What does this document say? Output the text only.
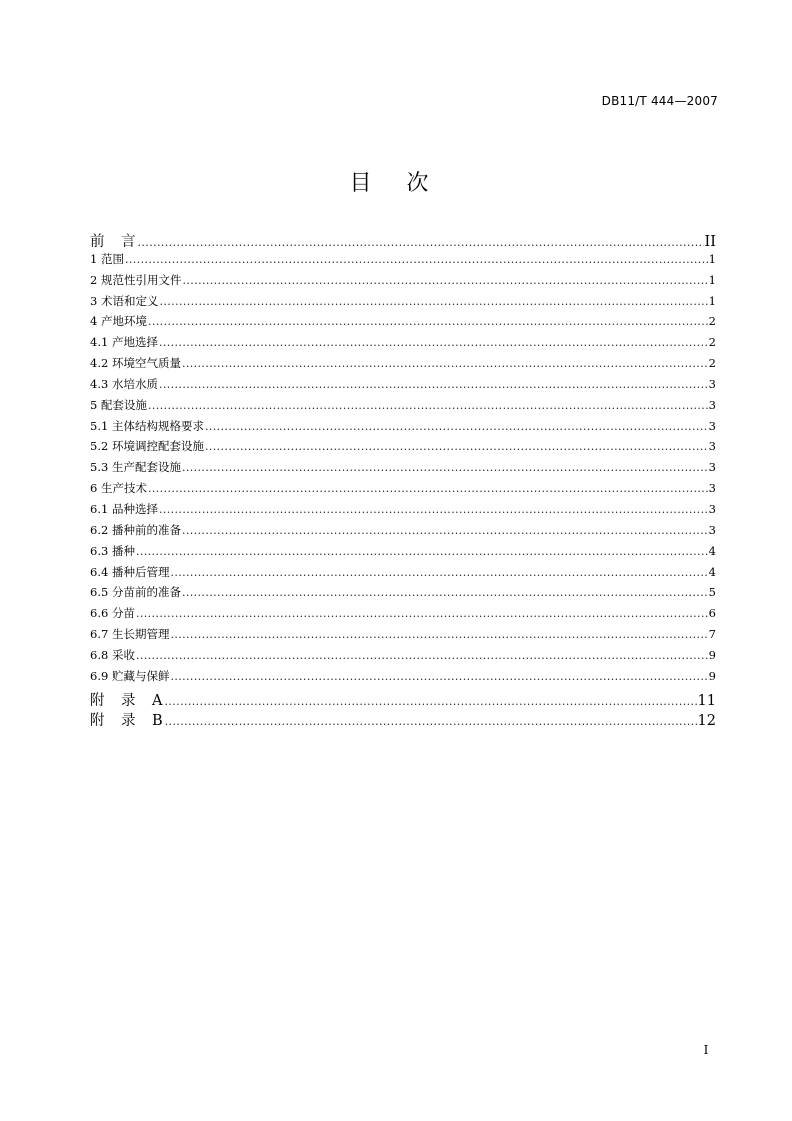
DB11/T 444—2007
目 次
前　言 .....	II
1 范围 .....	1
2 规范性引用文件 .....	1
3 术语和定义 .....	1
4 产地环境 .....	2
4.1 产地选择 .....	2
4.2 环境空气质量 .....	2
4.3 水培水质 .....	3
5 配套设施 .....	3
5.1 主体结构规格要求 .....	3
5.2 环境调控配套设施 .....	3
5.3 生产配套设施 .....	3
6 生产技术 .....	3
6.1 品种选择 .....	3
6.2 播种前的准备 .....	3
6.3 播种 .....	4
6.4 播种后管理 .....	4
6.5 分苗前的准备 .....	5
6.6 分苗 .....	6
6.7 生长期管理 .....	7
6.8 采收 .....	9
6.9 贮藏与保鲜 .....	9
附　录　A .....	11
附　录　B .....	12
I
